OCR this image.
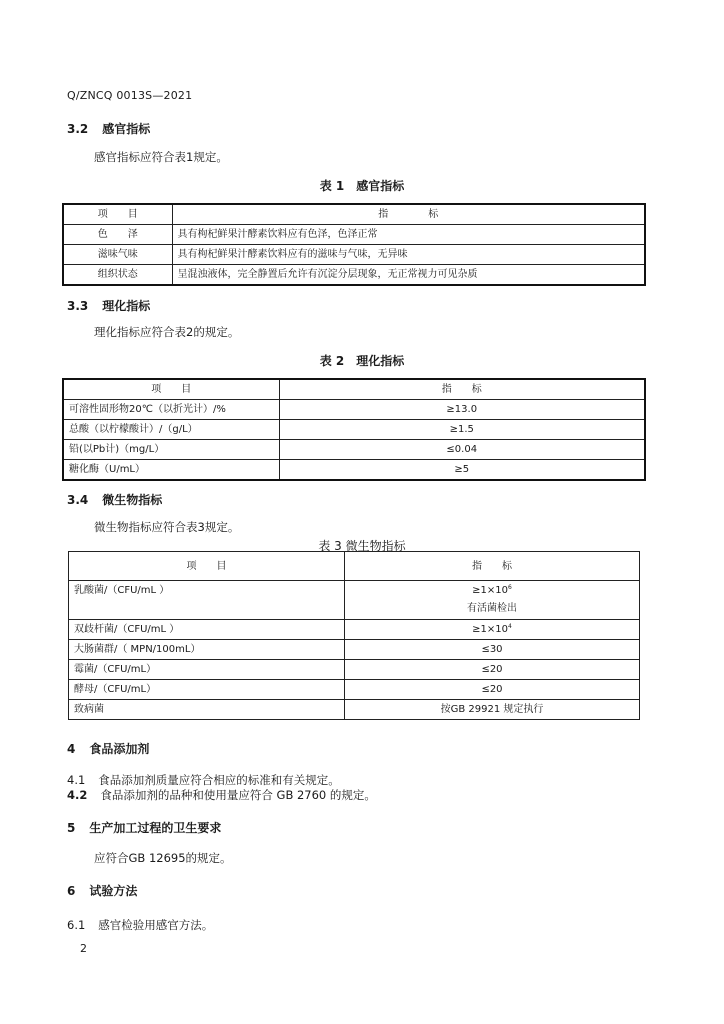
Q/ZNCQ 0013S—2021
3.2 感官指标
感官指标应符合表1规定。
表 1　感官指标
项　　目	指　　　　标
色　　泽	具有枸杞鲜果汁酵素饮料应有色泽，色泽正常
滋味气味	具有枸杞鲜果汁酵素饮料应有的滋味与气味，无异味
组织状态	呈混浊液体，完全静置后允许有沉淀分层现象，无正常视力可见杂质
3.3 理化指标
理化指标应符合表2的规定。
表 2　理化指标
项　　目	指　　标
可溶性固形物20℃（以折光计）/%	≥13.0
总酸（以柠檬酸计）/（g/L）	≥1.5
铅(以Pb计)（mg/L）	≤0.04
糖化酶（U/mL）	≥5
3.4 微生物指标
微生物指标应符合表3规定。
表 3 微生物指标
项　　目	指　　标
乳酸菌/（CFU/mL ）	$\ge 1\times 10^6$
有活菌检出

双歧杆菌/（CFU/mL ）	$\ge 1\times 10^4$
大肠菌群/（ MPN/100mL）	≤30
霉菌/（CFU/mL）	≤20
酵母/（CFU/mL）	≤20
致病菌	按GB 29921 规定执行
4 食品添加剂
4.1 食品添加剂质量应符合相应的标准和有关规定。
4.2 食品添加剂的品种和使用量应符合 GB 2760 的规定。
5 生产加工过程的卫生要求
应符合GB 12695的规定。
6 试验方法
6.1 感官检验用感官方法。
2
